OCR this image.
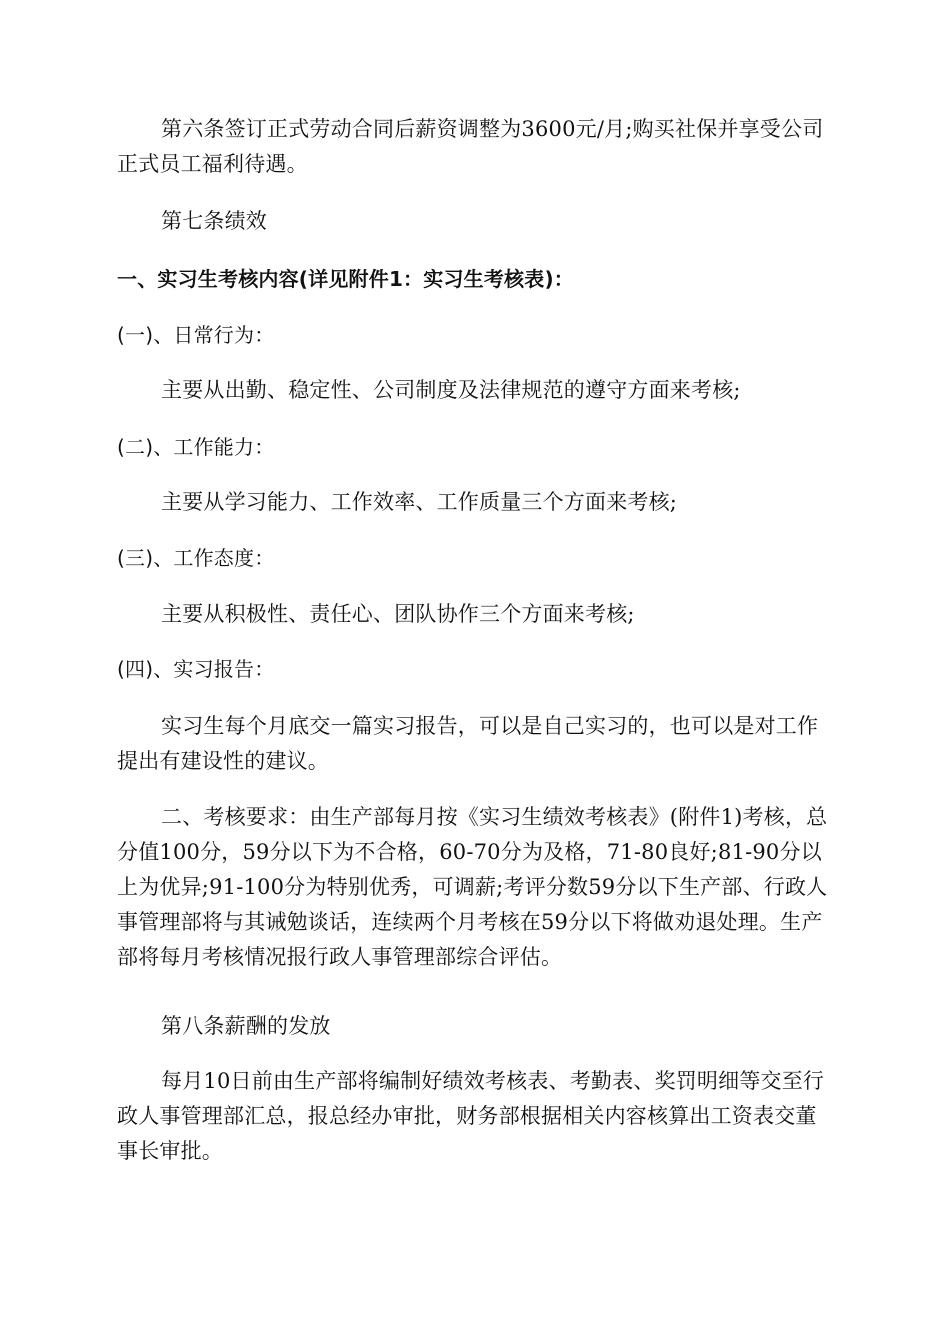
第六条签订正式劳动合同后薪资调整为3600元/月;购买社保并享受公司正式员工福利待遇。

第七条绩效

一、实习生考核内容(详见附件1：实习生考核表)：

(一)、日常行为：

主要从出勤、稳定性、公司制度及法律规范的遵守方面来考核;

(二)、工作能力：

主要从学习能力、工作效率、工作质量三个方面来考核;

(三)、工作态度：

主要从积极性、责任心、团队协作三个方面来考核;

(四)、实习报告：

实习生每个月底交一篇实习报告，可以是自己实习的，也可以是对工作提出有建设性的建议。

二、考核要求：由生产部每月按《实习生绩效考核表》(附件1)考核，总分值100分，59分以下为不合格，60-70分为及格，71-80良好;81-90分以上为优异;91-100分为特别优秀，可调薪;考评分数59分以下生产部、行政人事管理部将与其诫勉谈话，连续两个月考核在59分以下将做劝退处理。生产部将每月考核情况报行政人事管理部综合评估。

第八条薪酬的发放

每月10日前由生产部将编制好绩效考核表、考勤表、奖罚明细等交至行政人事管理部汇总，报总经办审批，财务部根据相关内容核算出工资表交董事长审批。
